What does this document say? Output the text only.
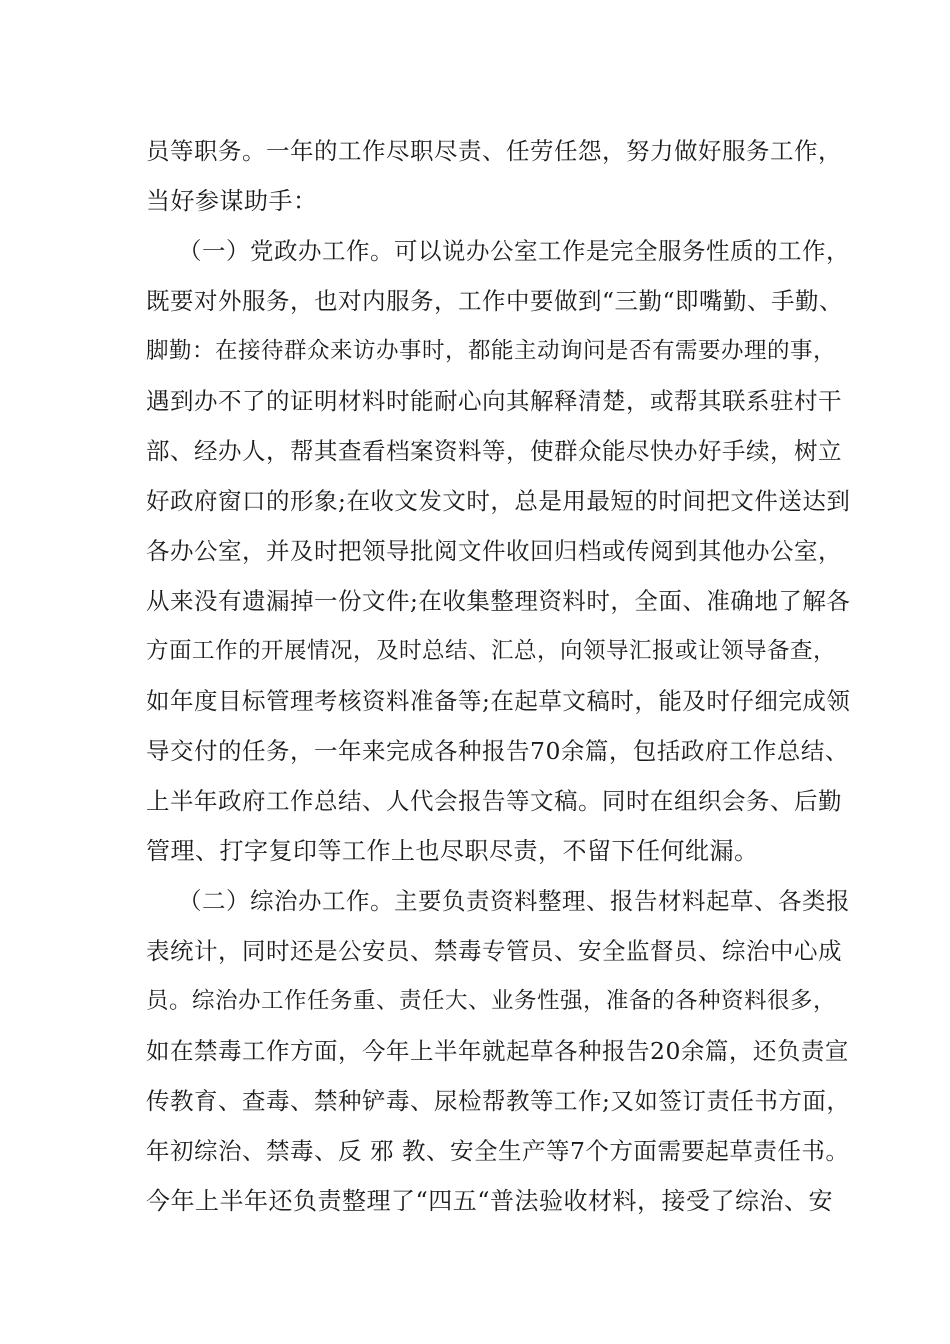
员等职务。一年的工作尽职尽责、任劳任怨，努力做好服务工作，
当好参谋助手：
（一）党政办工作。可以说办公室工作是完全服务性质的工作，
既要对外服务，也对内服务，工作中要做到“三勤“即嘴勤、手勤、
脚勤：在接待群众来访办事时，都能主动询问是否有需要办理的事，
遇到办不了的证明材料时能耐心向其解释清楚，或帮其联系驻村干
部、经办人，帮其查看档案资料等，使群众能尽快办好手续，树立
好政府窗口的形象;在收文发文时，总是用最短的时间把文件送达到
各办公室，并及时把领导批阅文件收回归档或传阅到其他办公室，
从来没有遗漏掉一份文件;在收集整理资料时，全面、准确地了解各
方面工作的开展情况，及时总结、汇总，向领导汇报或让领导备查，
如年度目标管理考核资料准备等;在起草文稿时，能及时仔细完成领
导交付的任务，一年来完成各种报告70余篇，包括政府工作总结、
上半年政府工作总结、人代会报告等文稿。同时在组织会务、后勤
管理、打字复印等工作上也尽职尽责，不留下任何纰漏。
（二）综治办工作。主要负责资料整理、报告材料起草、各类报
表统计，同时还是公安员、禁毒专管员、安全监督员、综治中心成
员。综治办工作任务重、责任大、业务性强，准备的各种资料很多，
如在禁毒工作方面，今年上半年就起草各种报告20余篇，还负责宣
传教育、查毒、禁种铲毒、尿检帮教等工作;又如签订责任书方面，
年初综治、禁毒、反 邪 教、安全生产等7个方面需要起草责任书。
今年上半年还负责整理了“四五“普法验收材料，接受了综治、安
